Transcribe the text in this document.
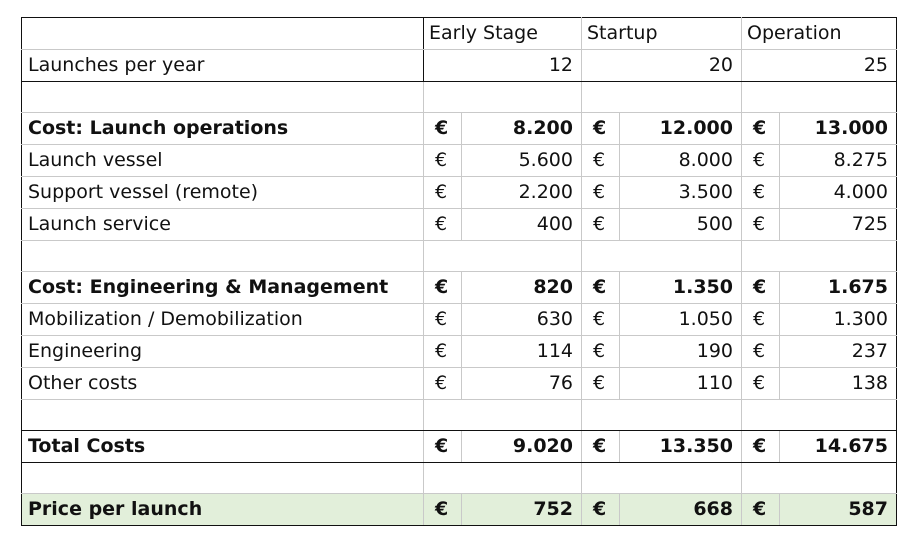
	Early Stage		Startup		Operation	
Launches per year	12		20		25	

Cost: Launch operations	€	8.200	€	12.000	€	13.000
Launch vessel	€	5.600	€	8.000	€	8.275
Support vessel (remote)	€	2.200	€	3.500	€	4.000
Launch service	€	400	€	500	€	725

Cost: Engineering & Management	€	820	€	1.350	€	1.675
Mobilization / Demobilization	€	630	€	1.050	€	1.300
Engineering	€	114	€	190	€	237
Other costs	€	76	€	110	€	138

Total Costs	€	9.020	€	13.350	€	14.675

Price per launch	€	752	€	668	€	587
